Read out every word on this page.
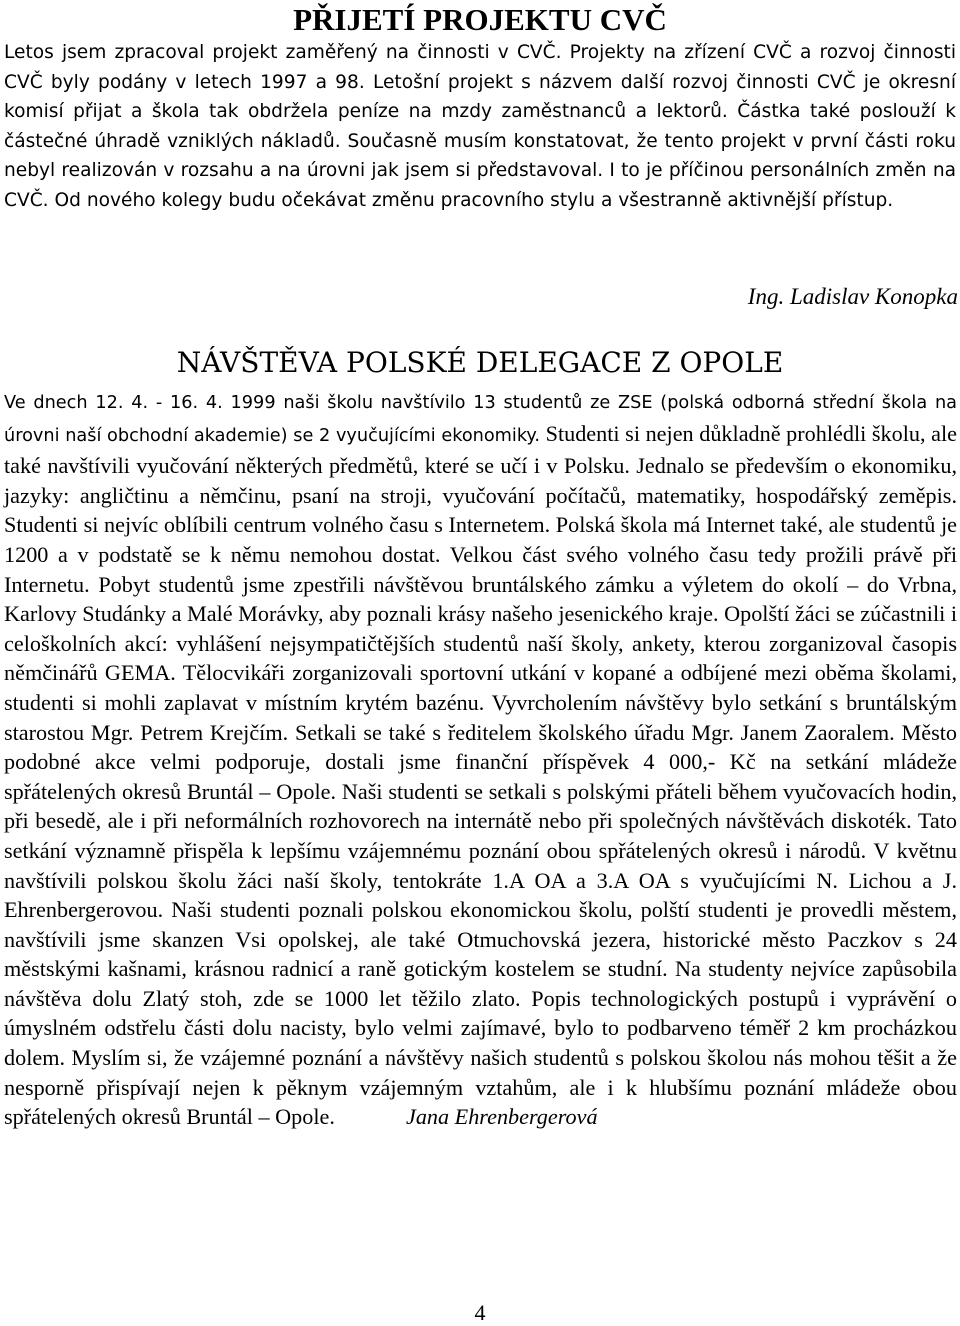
PŘIJETÍ PROJEKTU CVČ

Letos jsem zpracoval projekt zaměřený na činnosti v CVČ. Projekty na zřízení CVČ a rozvoj činnosti CVČ byly podány v letech 1997 a 98. Letošní projekt s názvem další rozvoj činnosti CVČ je okresní komisí přijat a škola tak obdržela peníze na mzdy zaměstnanců a lektorů. Částka také poslouží k částečné úhradě vzniklých nákladů. Současně musím konstatovat, že tento projekt v první části roku nebyl realizován v rozsahu a na úrovni jak jsem si představoval. I to je příčinou personálních změn na CVČ. Od nového kolegy budu očekávat změnu pracovního stylu a všestranně aktivnější přístup.

Ing. Ladislav Konopka

NÁVŠTĚVA POLSKÉ DELEGACE Z OPOLE

Ve dnech 12. 4. - 16. 4. 1999 naši školu navštívilo 13 studentů ze ZSE (polská odborná střední škola na úrovni naší obchodní akademie) se 2 vyučujícími ekonomiky. Studenti si nejen důkladně prohlédli školu, ale také navštívili vyučování některých předmětů, které se učí i v Polsku. Jednalo se především o ekonomiku, jazyky: angličtinu a němčinu, psaní na stroji, vyučování počítačů, matematiky, hospodářský zeměpis. Studenti si nejvíc oblíbili centrum volného času s Internetem. Polská škola má Internet také, ale studentů je 1200 a v podstatě se k němu nemohou dostat. Velkou část svého volného času tedy prožili právě při Internetu. Pobyt studentů jsme zpestřili návštěvou bruntálského zámku a výletem do okolí – do Vrbna, Karlovy Studánky a Malé Morávky, aby poznali krásy našeho jesenického kraje. Opolští žáci se zúčastnili i celoškolních akcí: vyhlášení nejsympatičtějších studentů naší školy, ankety, kterou zorganizoval časopis němčinářů GEMA. Tělocvikáři zorganizovali sportovní utkání v kopané a odbíjené mezi oběma školami, studenti si mohli zaplavat v místním krytém bazénu. Vyvrcholením návštěvy bylo setkání s bruntálským starostou Mgr. Petrem Krejčím. Setkali se také s ředitelem školského úřadu Mgr. Janem Zaoralem. Město podobné akce velmi podporuje, dostali jsme finanční příspěvek 4 000,- Kč na setkání mládeže spřátelených okresů Bruntál – Opole. Naši studenti se setkali s polskými přáteli během vyučovacích hodin, při besedě, ale i při neformálních rozhovorech na internátě nebo při společných návštěvách diskoték. Tato setkání významně přispěla k lepšímu vzájemnému poznání obou spřátelených okresů i národů. V květnu navštívili polskou školu žáci naší školy, tentokráte 1.A OA a 3.A OA s vyučujícími N. Lichou a J. Ehrenbergerovou. Naši studenti poznali polskou ekonomickou školu, polští studenti je provedli městem, navštívili jsme skanzen Vsi opolskej, ale také Otmuchovská jezera, historické město Paczkov s 24 městskými kašnami, krásnou radnicí a raně gotickým kostelem se studní. Na studenty nejvíce zapůsobila návštěva dolu Zlatý stoh, zde se 1000 let těžilo zlato. Popis technologických postupů i vyprávění o úmyslném odstřelu části dolu nacisty, bylo velmi zajímavé, bylo to podbarveno téměř 2 km procházkou dolem. Myslím si, že vzájemné poznání a návštěvy našich studentů s polskou školou nás mohou těšit a že nesporně přispívají nejen k pěknym vzájemným vztahům, ale i k hlubšímu poznání mládeže obou spřátelených okresů Bruntál – Opole.	Jana Ehrenbergerová

4
